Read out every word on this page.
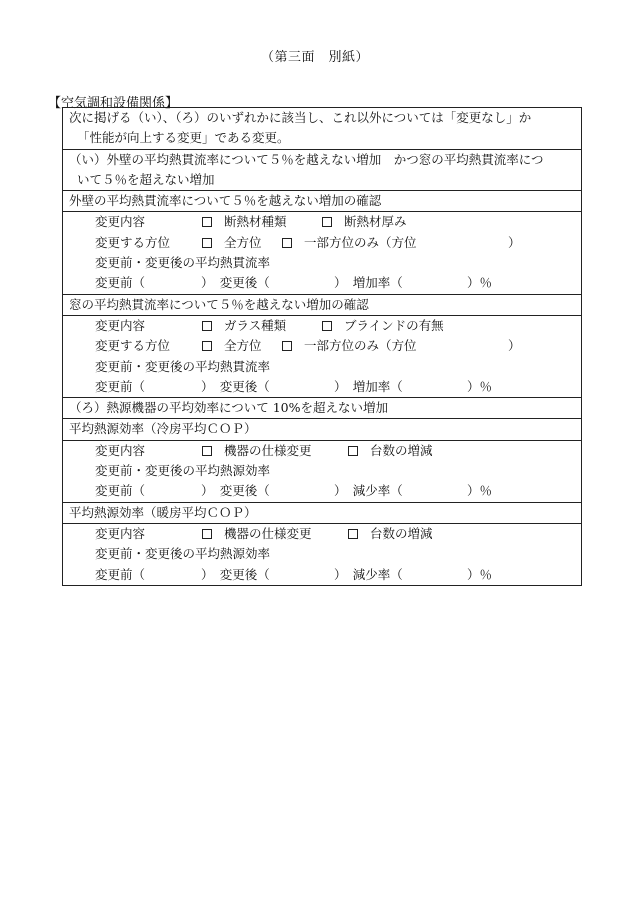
（第三面　別紙）
【空気調和設備関係】
次に掲げる（い）、（ろ）のいずれかに該当し、これ以外については「変更なし」か
「性能が向上する変更」である変更。
（い）外壁の平均熱貫流率について５％を越えない増加　かつ窓の平均熱貫流率につ
いて５％を超えない増加
外壁の平均熱貫流率について５％を越えない増加の確認
変更内容	断熱材種類	断熱材厚み
変更する方位	全方位	一部方位のみ（方位	）
変更前・変更後の平均熱貫流率
変更前（	）　変更後（	）　増加率（	）％
窓の平均熱貫流率について５％を越えない増加の確認
変更内容	ガラス種類	ブラインドの有無
変更する方位	全方位	一部方位のみ（方位	）
変更前・変更後の平均熱貫流率
変更前（	）　変更後（	）　増加率（	）％
（ろ）熱源機器の平均効率について 10%を超えない増加
平均熱源効率（冷房平均ＣＯＰ）
変更内容	機器の仕様変更	台数の増減
変更前・変更後の平均熱源効率
変更前（	）　変更後（	）　減少率（	）％
平均熱源効率（暖房平均ＣＯＰ）
変更内容	機器の仕様変更	台数の増減
変更前・変更後の平均熱源効率
変更前（	）　変更後（	）　減少率（	）％
